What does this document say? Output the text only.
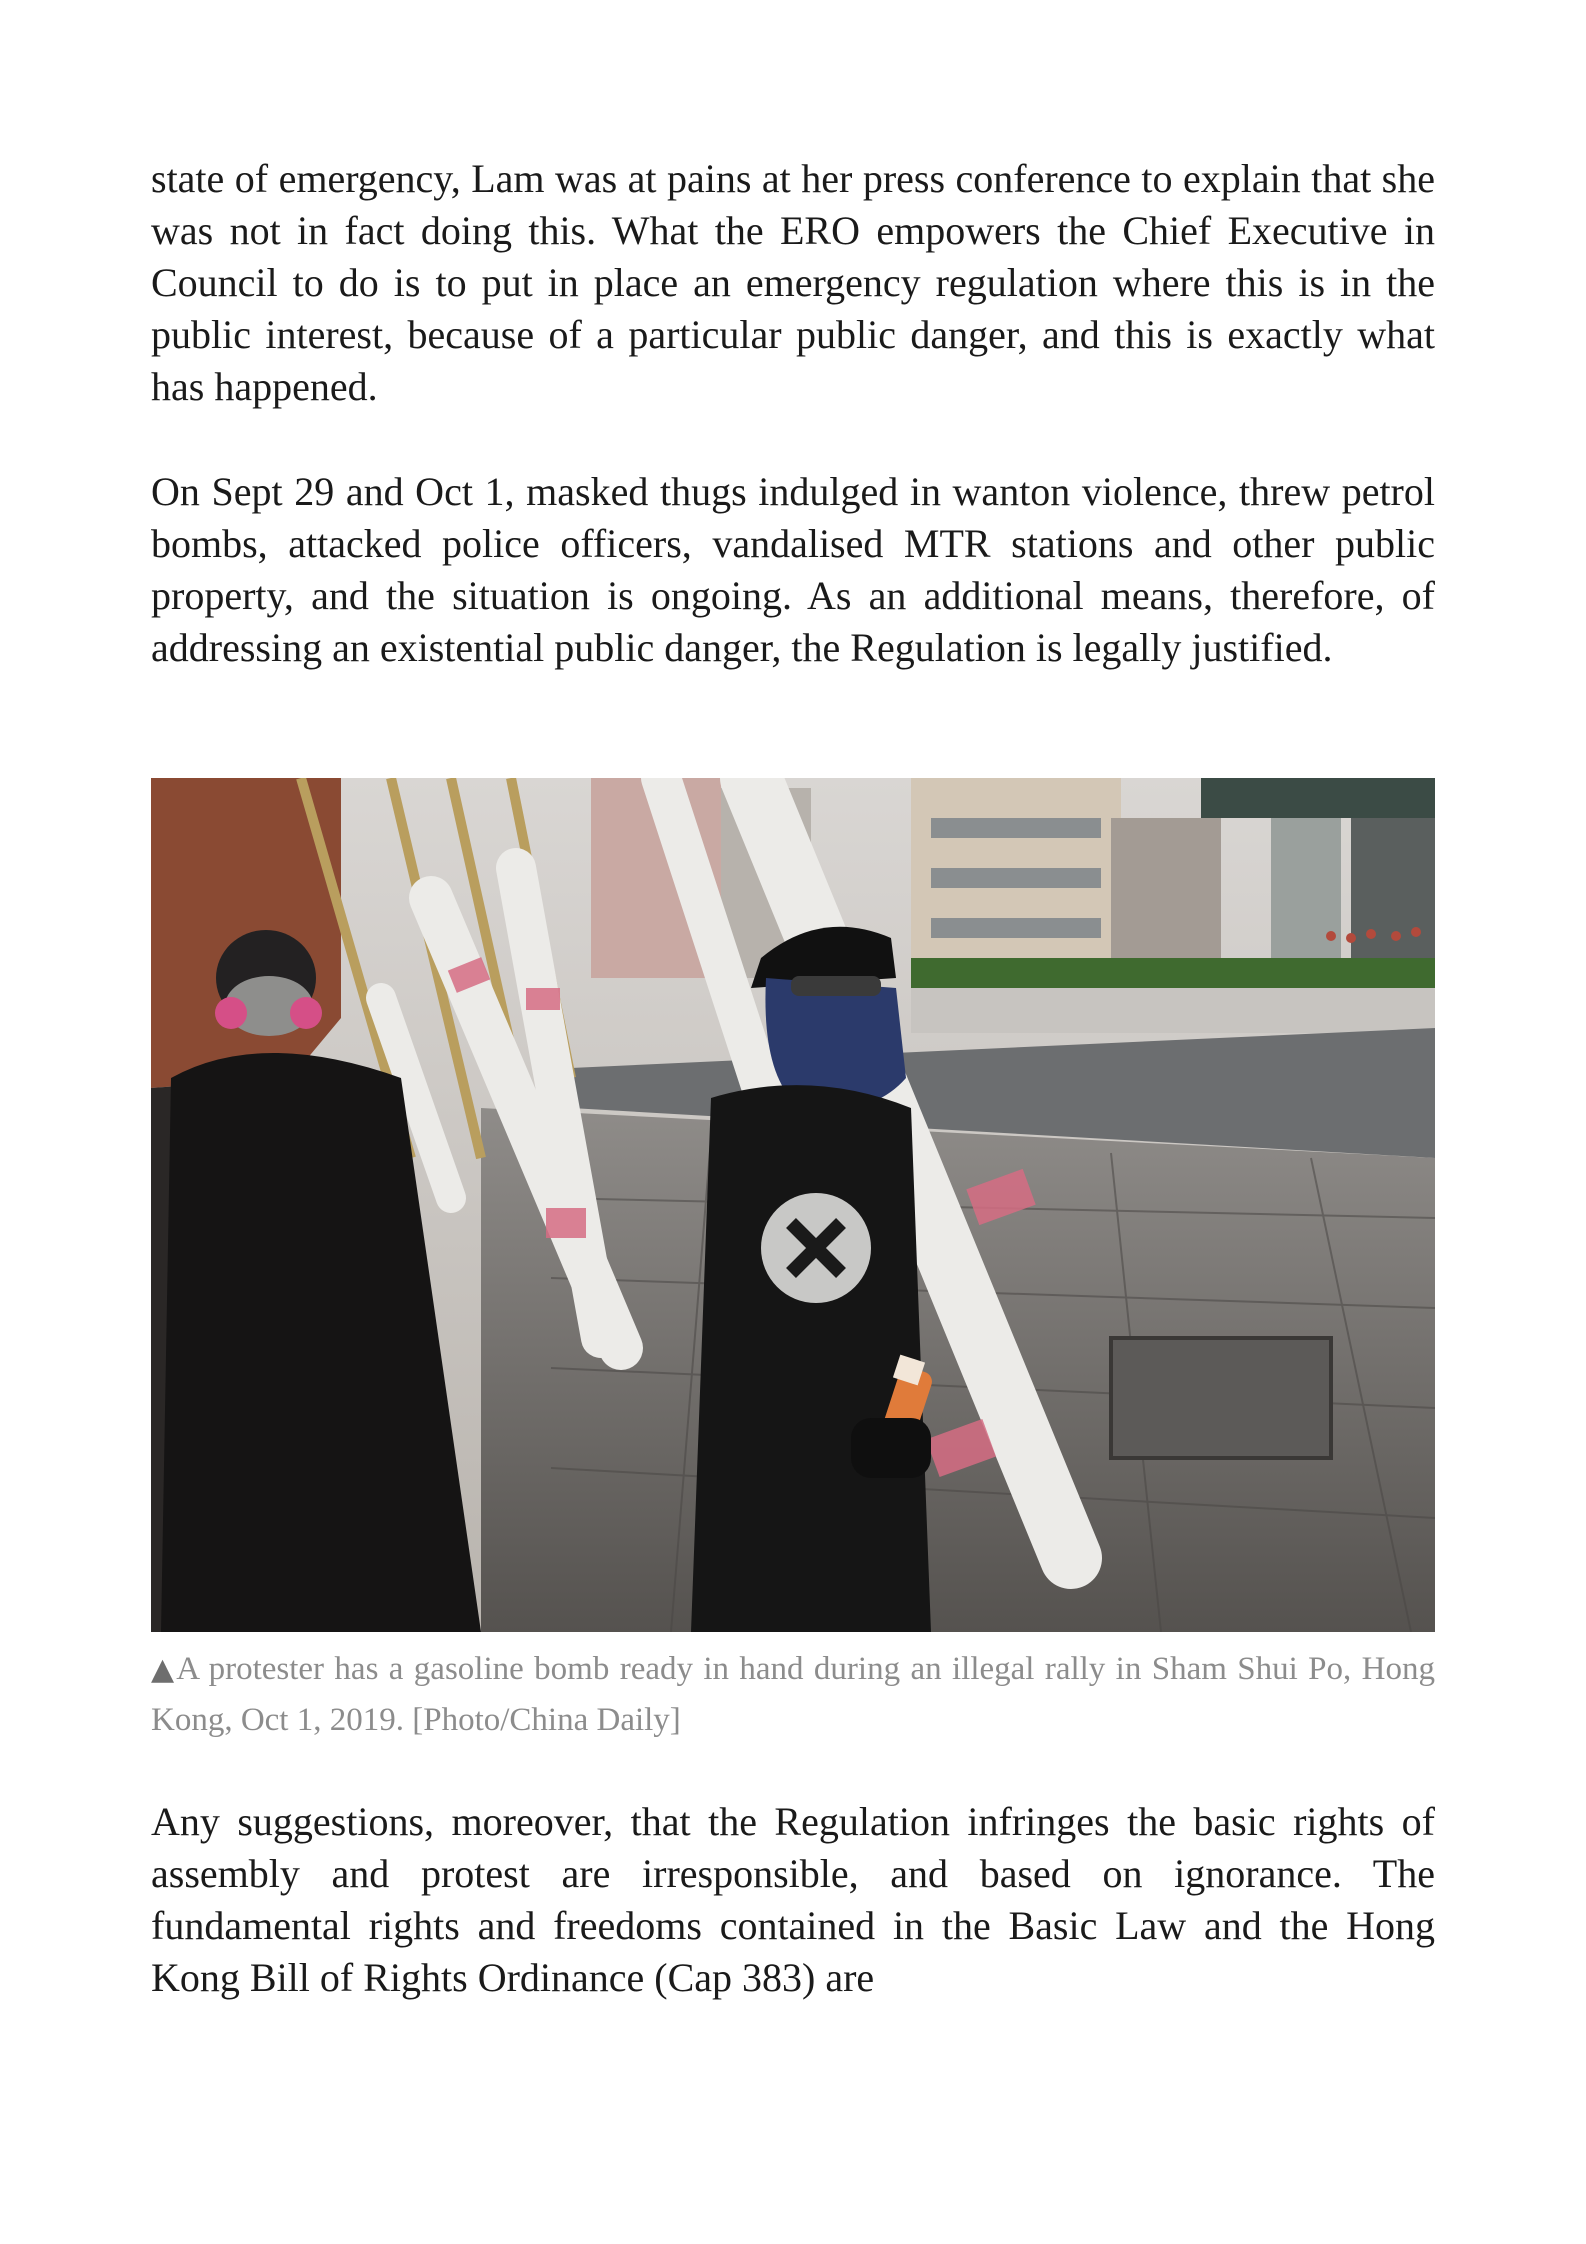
state of emergency, Lam was at pains at her press conference to explain that she was not in fact doing this. What the ERO empowers the Chief Executive in Council to do is to put in place an emergency regulation where this is in the public interest, because of a particular public danger, and this is exactly what has happened.

On Sept 29 and Oct 1, masked thugs indulged in wanton violence, threw petrol bombs, attacked police officers, vandalised MTR stations and other public property, and the situation is ongoing. As an additional means, therefore, of addressing an existential public danger, the Regulation is legally justified.

▲A protester has a gasoline bomb ready in hand during an illegal rally in Sham Shui Po, Hong Kong, Oct 1, 2019. [Photo/China Daily]

Any suggestions, moreover, that the Regulation infringes the basic rights of assembly and protest are irresponsible, and based on ignorance. The fundamental rights and freedoms contained in the Basic Law and the Hong Kong Bill of Rights Ordinance (Cap 383) are
